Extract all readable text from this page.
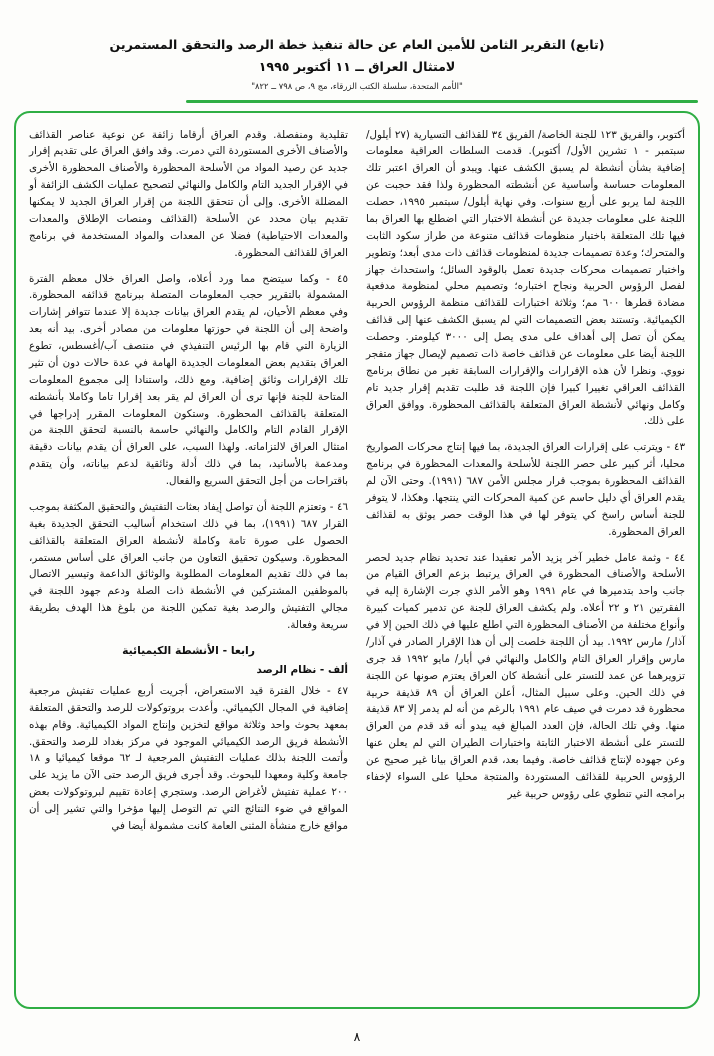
(تابع) التقرير الثامن للأمين العام عن حالة تنفيذ خطة الرصد والتحقق المستمرين
لامتثال العراق ــ ١١ أكتوبر ١٩٩٥
"الأمم المتحدة، سلسلة الكتب الزرقاء، مج ٩، ص ٧٩٨ ــ ٨٢٢"

أكتوبر، والفريق ١٢٣ للجنة الخاصة/ الفريق ٣٤ للقذائف التسيارية (٢٧ أيلول/ سبتمبر - ١ تشرين الأول/ أكتوبر). قدمت السلطات العراقية معلومات إضافية بشأن أنشطة لم يسبق الكشف عنها. ويبدو أن العراق اعتبر تلك المعلومات حساسة وأساسية عن أنشطته المحظورة ولذا فقد حجبت عن اللجنة لما يربو على أربع سنوات. وفي نهاية أيلول/ سبتمبر ١٩٩٥، حصلت اللجنة على معلومات جديدة عن أنشطة الاختبار التي اضطلع بها العراق بما فيها تلك المتعلقة باختبار منظومات قذائف متنوعة من طراز سكود الثابت والمتحرك؛ وعدة تصميمات جديدة لمنظومات قذائف ذات مدى أبعد؛ وتطوير واختبار تصميمات محركات جديدة تعمل بالوقود السائل؛ واستحداث جهاز لفصل الرؤوس الحربية ونجاح اختباره؛ وتصميم محلي لمنظومة مدفعية مضادة قطرها ٦٠٠ مم؛ وثلاثة اختبارات للقذائف منظمة الرؤوس الحربية الكيميائية. وتستند بعض التصميمات التي لم يسبق الكشف عنها إلى قذائف يمكن أن تصل إلى أهداف على مدى يصل إلى ٣٠٠٠ كيلومتر. وحصلت اللجنة أيضا على معلومات عن قذائف خاصة ذات تصميم لإيصال جهاز متفجر نووي. ونظرا لأن هذه الإقرارات والإقرارات السابقة تغير من نطاق برنامج القذائف العراقي تغييرا كبيرا فإن اللجنة قد طلبت تقديم إقرار جديد تام وكامل ونهائي لأنشطة العراق المتعلقة بالقذائف المحظورة. ووافق العراق على ذلك.

٤٣ - ويترتب على إقرارات العراق الجديدة، بما فيها إنتاج محركات الصواريخ محليا، أثر كبير على حصر اللجنة للأسلحة والمعدات المحظورة في برنامج القذائف المحظورة بموجب قرار مجلس الأمن ٦٨٧ (١٩٩١). وحتى الآن لم يقدم العراق أي دليل حاسم عن كمية المحركات التي ينتجها. وهكذا، لا يتوفر للجنة أساس راسخ كي يتوفر لها في هذا الوقت حصر يوثق به لقذائف العراق المحظورة.

٤٤ - وثمة عامل خطير آخر يزيد الأمر تعقيدا عند تحديد نظام جديد لحصر الأسلحة والأصناف المحظورة في العراق يرتبط بزعم العراق القيام من جانب واحد بتدميرها في عام ١٩٩١ وهو الأمر الذي جرت الإشارة إليه في الفقرتين ٢١ و ٢٢ أعلاه. ولم يكشف العراق للجنة عن تدمير كميات كبيرة وأنواع مختلفة من الأصناف المحظورة التي اطلع عليها في ذلك الحين إلا في آذار/ مارس ١٩٩٢. بيد أن اللجنة خلصت إلى أن هذا الإقرار الصادر في آذار/ مارس وإقرار العراق التام والكامل والنهائي في أيار/ مايو ١٩٩٢ قد جرى تزويرهما عن عمد للتستر على أنشطة كان العراق يعتزم صونها عن اللجنة في ذلك الحين. وعلى سبيل المثال، أعلن العراق أن ٨٩ قذيفة حربية محظورة قد دمرت في صيف عام ١٩٩١ بالرغم من أنه لم يدمر إلا ٨٣ قذيفة منها. وفي تلك الحالة، فإن العدد المبالغ فيه يبدو أنه قد قدم من العراق للتستر على أنشطة الاختبار الثابتة واختبارات الطيران التي لم يعلن عنها وعن جهوده لإنتاج قذائف خاصة. وفيما بعد، قدم العراق بيانا غير صحيح عن الرؤوس الحربية للقذائف المستوردة والمنتجة محليا على السواء لإخفاء برامجه التي تنطوي على رؤوس حربية غير

تقليدية ومنفصلة. وقدم العراق أرقاما زائفة عن نوعية عناصر القذائف والأصناف الأخرى المستوردة التي دمرت. وقد وافق العراق على تقديم إقرار جديد عن رصيد المواد من الأسلحة المحظورة والأصناف المحظورة الأخرى في الإقرار الجديد التام والكامل والنهائي لتصحيح عمليات الكشف الزائفة أو المضللة الأخرى. وإلى أن تتحقق اللجنة من إقرار العراق الجديد لا يمكنها تقديم بيان محدد عن الأسلحة (القذائف ومنصات الإطلاق والمعدات والمعدات الاحتياطية) فضلا عن المعدات والمواد المستخدمة في برنامج العراق للقذائف المحظورة.

٤٥ - وكما سيتضح مما ورد أعلاه، واصل العراق خلال معظم الفترة المشمولة بالتقرير حجب المعلومات المتصلة ببرنامج قذائفه المحظورة. وفي معظم الأحيان، لم يقدم العراق بيانات جديدة إلا عندما تتوافر إشارات واضحة إلى أن اللجنة في حوزتها معلومات من مصادر أخرى. بيد أنه بعد الزيارة التي قام بها الرئيس التنفيذي في منتصف آب/أغسطس، تطوع العراق بتقديم بعض المعلومات الجديدة الهامة في عدة حالات دون أن تثير تلك الإقرارات وثائق إضافية. ومع ذلك، واستنادا إلى مجموع المعلومات المتاحة للجنة فإنها ترى أن العراق لم يقر بعد إقرارا تاما وكاملا بأنشطته المتعلقة بالقذائف المحظورة. وستكون المعلومات المقرر إدراجها في الإقرار القادم التام والكامل والنهائي حاسمة بالنسبة لتحقق اللجنة من امتثال العراق لالتزاماته. ولهذا السبب، على العراق أن يقدم بيانات دقيقة ومدعمة بالأسانيد، بما في ذلك أدلة وثائقية لدعم بياناته، وأن يتقدم باقتراحات من أجل التحقق السريع والفعال.

٤٦ - وتعتزم اللجنة أن تواصل إيفاد بعثات التفتيش والتحقيق المكثفة بموجب القرار ٦٨٧ (١٩٩١)، بما في ذلك استخدام أساليب التحقق الجديدة بغية الحصول على صورة تامة وكاملة لأنشطة العراق المتعلقة بالقذائف المحظورة. وسيكون تحقيق التعاون من جانب العراق على أساس مستمر، بما في ذلك تقديم المعلومات المطلوبة والوثائق الداعمة وتيسير الاتصال بالموظفين المشتركين في الأنشطة ذات الصلة ودعم جهود اللجنة في مجالي التفتيش والرصد بغية تمكين اللجنة من بلوغ هذا الهدف بطريقة سريعة وفعالة.

رابعا - الأنشطة الكيميائية
ألف - نظام الرصد

٤٧ - خلال الفترة قيد الاستعراض، أجريت أربع عمليات تفتيش مرجعية إضافية في المجال الكيميائي. وأعدت بروتوكولات للرصد والتحقق المتعلقة بمعهد بحوث واحد وثلاثة مواقع لتخزين وإنتاج المواد الكيميائية. وقام بهذه الأنشطة فريق الرصد الكيميائي الموجود في مركز بغداد للرصد والتحقق. وأتمت اللجنة بذلك عمليات التفتيش المرجعية لـ ٦٢ موقعا كيميائيا و ١٨ جامعة وكلية ومعهدا للبحوث. وقد أجرى فريق الرصد حتى الآن ما يزيد على ٢٠٠ عملية تفتيش لأغراض الرصد. وستجري إعادة تقييم لبروتوكولات بعض المواقع في ضوء النتائج التي تم التوصل إليها مؤخرا والتي تشير إلى أن مواقع خارج منشأة المثنى العامة كانت مشمولة أيضا في

٨
